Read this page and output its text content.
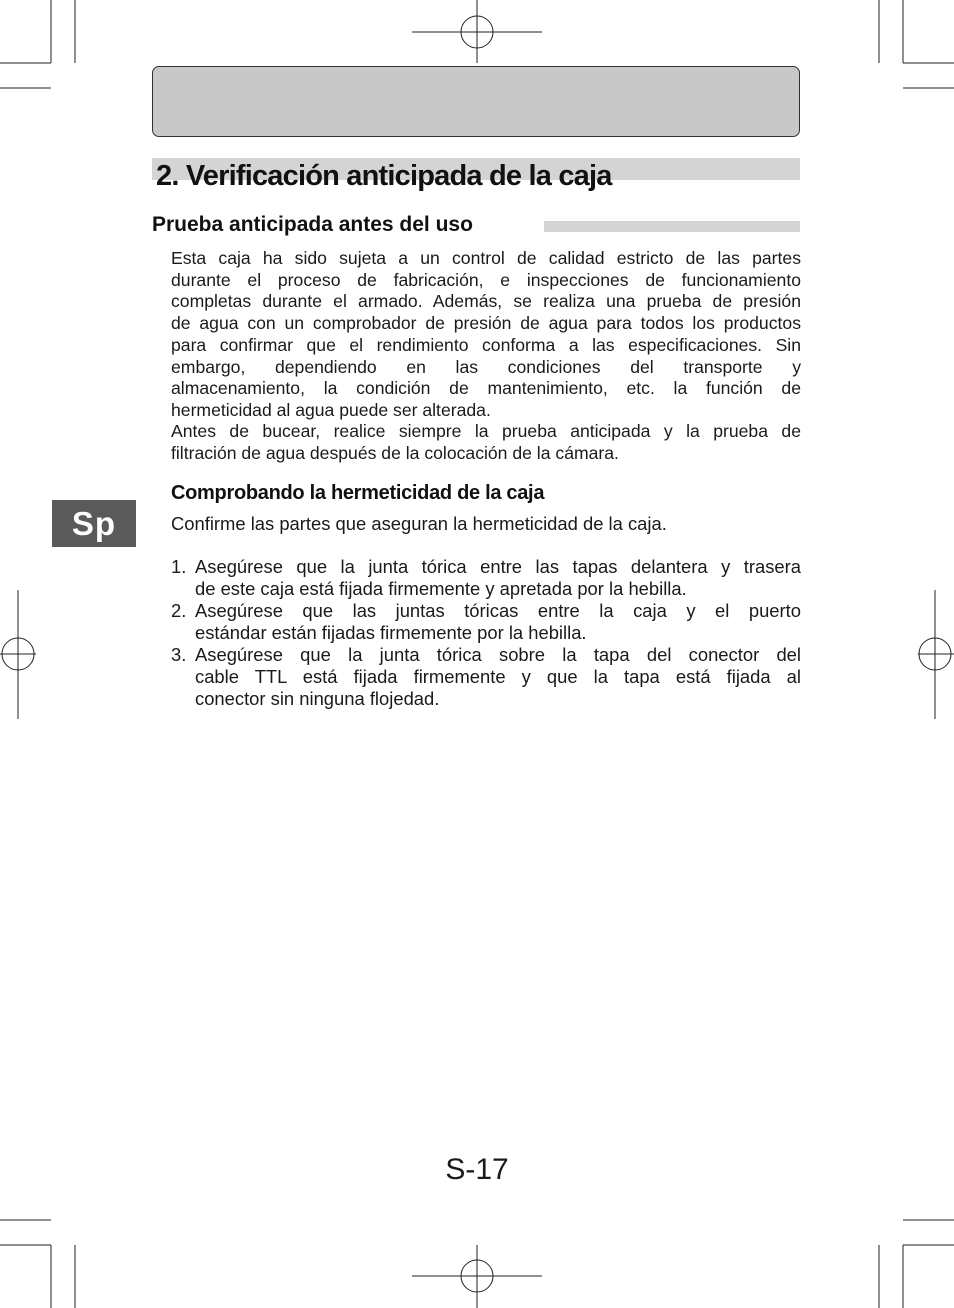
2. Verificación anticipada de la caja
Prueba anticipada antes del uso

Esta caja ha sido sujeta a un control de calidad estricto de las partes
durante el proceso de fabricación, e inspecciones de funcionamiento
completas durante el armado. Además, se realiza una prueba de presión
de agua con un comprobador de presión de agua para todos los productos
para confirmar que el rendimiento conforma a las especificaciones. Sin
embargo, dependiendo en las condiciones del transporte y
almacenamiento, la condición de mantenimiento, etc. la función de
hermeticidad al agua puede ser alterada.

Antes de bucear, realice siempre la prueba anticipada y la prueba de
filtración de agua después de la colocación de la cámara.

Comprobando la hermeticidad de la caja

Confirme las partes que aseguran la hermeticidad de la caja.

1. Asegúrese que la junta tórica entre las tapas delantera y trasera
de este caja está fijada firmemente y apretada por la hebilla.
2. Asegúrese que las juntas tóricas entre la caja y el puerto
estándar están fijadas firmemente por la hebilla.
3. Asegúrese que la junta tórica sobre la tapa del conector del
cable TTL está fijada firmemente y que la tapa está fijada al
conector sin ninguna flojedad.
Sp
S-17
